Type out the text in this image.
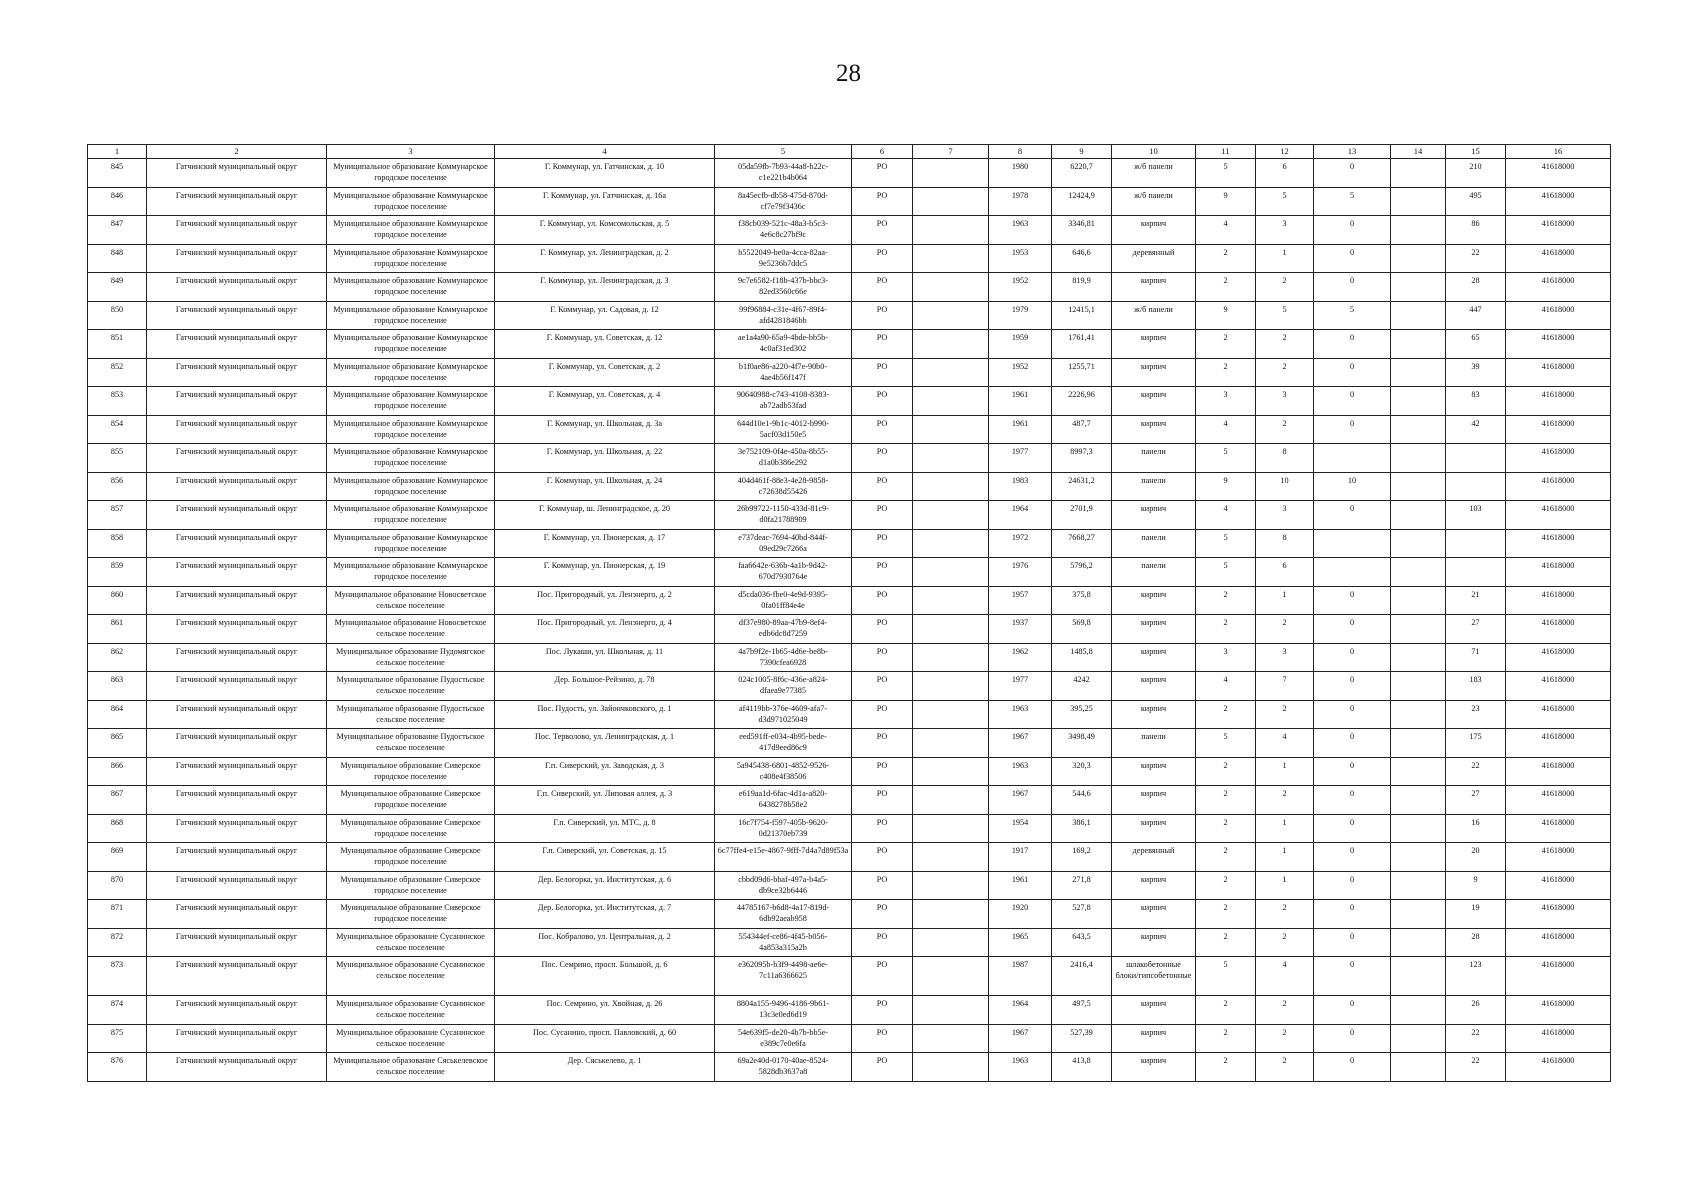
28
1	2	3	4	5	6	7	8	9	10	11	12	13	14	15	16
845	Гатчинский муниципальный округ	Муниципальное образование Коммунарское городское поселение	Г. Коммунар, ул. Гатчинская, д. 10	05da59fb-7b93-44a8-b22c-c1e221b4b064	РО		1980	6220,7	ж/б панели	5	6	0		210	41618000
846	Гатчинский муниципальный округ	Муниципальное образование Коммунарское городское поселение	Г. Коммунар, ул. Гатчинская, д. 16а	8a45ecfb-db58-475d-870d-cf7e79f3436c	РО		1978	12424,9	ж/б панели	9	5	5		495	41618000
847	Гатчинский муниципальный округ	Муниципальное образование Коммунарское городское поселение	Г. Коммунар, ул. Комсомольская, д. 5	f38cb039-521c-48a3-b5c3-4e6c8c27bf9c	РО		1963	3346,81	кирпич	4	3	0		86	41618000
848	Гатчинский муниципальный округ	Муниципальное образование Коммунарское городское поселение	Г. Коммунар, ул. Ленинградская, д. 2	b5522049-be0a-4cca-82aa-9e5236b7ddc5	РО		1953	646,6	деревянный	2	1	0		22	41618000
849	Гатчинский муниципальный округ	Муниципальное образование Коммунарское городское поселение	Г. Коммунар, ул. Ленинградская, д. 3	9c7e6582-f18b-437b-bbc3-82ed3560c66e	РО		1952	819,9	кирпич	2	2	0		28	41618000
850	Гатчинский муниципальный округ	Муниципальное образование Коммунарское городское поселение	Г. Коммунар, ул. Садовая, д. 12	99f96884-c31e-4f67-89f4-afd4281846bb	РО		1979	12415,1	ж/б панели	9	5	5		447	41618000
851	Гатчинский муниципальный округ	Муниципальное образование Коммунарское городское поселение	Г. Коммунар, ул. Советская, д. 12	ae1a4a90-65a9-4bde-bb5b-4c0af31ed302	РО		1959	1761,41	кирпич	2	2	0		65	41618000
852	Гатчинский муниципальный округ	Муниципальное образование Коммунарское городское поселение	Г. Коммунар, ул. Советская, д. 2	b1f0ae86-a220-4f7e-90b0-4ae4b56f147f	РО		1952	1255,71	кирпич	2	2	0		39	41618000
853	Гатчинский муниципальный округ	Муниципальное образование Коммунарское городское поселение	Г. Коммунар, ул. Советская, д. 4	90640988-c743-4108-8383-ab72adb53fad	РО		1961	2226,96	кирпич	3	3	0		83	41618000
854	Гатчинский муниципальный округ	Муниципальное образование Коммунарское городское поселение	Г. Коммунар, ул. Школьная, д. 3а	644d10e1-9b1c-4012-b990-5acf03d150e5	РО		1961	487,7	кирпич	4	2	0		42	41618000
855	Гатчинский муниципальный округ	Муниципальное образование Коммунарское городское поселение	Г. Коммунар, ул. Школьная, д. 22	3e752109-0f4e-450a-8b55-d1a0b386e292	РО		1977	8997,3	панели	5	8				41618000
856	Гатчинский муниципальный округ	Муниципальное образование Коммунарское городское поселение	Г. Коммунар, ул. Школьная, д. 24	404d461f-88e3-4e28-9858-c72638d55426	РО		1983	24631,2	панели	9	10	10			41618000
857	Гатчинский муниципальный округ	Муниципальное образование Коммунарское городское поселение	Г. Коммунар, ш. Ленинградское, д. 20	26b99722-1150-433d-81c9-d0fa21788909	РО		1964	2701,9	кирпич	4	3	0		103	41618000
858	Гатчинский муниципальный округ	Муниципальное образование Коммунарское городское поселение	Г. Коммунар, ул. Пионерская, д. 17	e737deac-7694-40bd-844f-09ed29c7266a	РО		1972	7668,27	панели	5	8				41618000
859	Гатчинский муниципальный округ	Муниципальное образование Коммунарское городское поселение	Г. Коммунар, ул. Пионерская, д. 19	faa6642e-636b-4a1b-9d42-670d7930764e	РО		1976	5796,2	панели	5	6				41618000
860	Гатчинский муниципальный округ	Муниципальное образование Новосветское сельское поселение	Пос. Пригородный, ул. Ленэнерго, д. 2	d5cda036-fbe0-4e9d-9395-0fa01ff84e4e	РО		1957	375,8	кирпич	2	1	0		21	41618000
861	Гатчинский муниципальный округ	Муниципальное образование Новосветское сельское поселение	Пос. Пригородный, ул. Ленэнерго, д. 4	df37e980-89aa-47b9-8ef4-edb6dc8d7259	РО		1937	569,8	кирпич	2	2	0		27	41618000
862	Гатчинский муниципальный округ	Муниципальное образование Пудомягское сельское поселение	Пос. Лукаши, ул. Школьная, д. 11	4a7b9f2e-1b65-4d6e-be8b-7390cfea6928	РО		1962	1485,8	кирпич	3	3	0		71	41618000
863	Гатчинский муниципальный округ	Муниципальное образование Пудостьское сельское поселение	Дер. Большое-Рейзино, д. 78	024c1005-8f6c-436e-a824-dfaea9e77385	РО		1977	4242	кирпич	4	7	0		183	41618000
864	Гатчинский муниципальный округ	Муниципальное образование Пудостьское сельское поселение	Пос. Пудость, ул. Зайончковского, д. 1	af4119bb-376e-4609-afa7-d3d971025049	РО		1963	395,25	кирпич	2	2	0		23	41618000
865	Гатчинский муниципальный округ	Муниципальное образование Пудостьское сельское поселение	Пос. Терволово, ул. Ленинградская, д. 1	eed591ff-e034-4b95-bede-417d9eed86c9	РО		1967	3498,49	панели	5	4	0		175	41618000
866	Гатчинский муниципальный округ	Муниципальное образование Сиверское городское поселение	Г.п. Сиверский, ул. Заводская, д. 3	5a945438-6801-4852-9526-c408e4f38506	РО		1963	320,3	кирпич	2	1	0		22	41618000
867	Гатчинский муниципальный округ	Муниципальное образование Сиверское городское поселение	Г.п. Сиверский, ул. Липовая аллея, д. 3	e619aa1d-6fac-4d1a-a820-6438278b58e2	РО		1967	544,6	кирпич	2	2	0		27	41618000
868	Гатчинский муниципальный округ	Муниципальное образование Сиверское городское поселение	Г.п. Сиверский, ул. МТС, д. 8	16c7f754-f597-405b-9620-0d21370eb739	РО		1954	386,1	кирпич	2	1	0		16	41618000
869	Гатчинский муниципальный округ	Муниципальное образование Сиверское городское поселение	Г.п. Сиверский, ул. Советская, д. 15	6c77ffe4-e15e-4867-9fff-7d4a7d89f53a	РО		1917	169,2	деревянный	2	1	0		20	41618000
870	Гатчинский муниципальный округ	Муниципальное образование Сиверское городское поселение	Дер. Белогорка, ул. Институтская, д. 6	cbbd09d6-bbaf-497a-b4a5-db9ce32b6446	РО		1961	271,8	кирпич	2	1	0		9	41618000
871	Гатчинский муниципальный округ	Муниципальное образование Сиверское городское поселение	Дер. Белогорка, ул. Институтская, д. 7	44785167-b6d8-4a17-819d-6db92aeab958	РО		1920	527,8	кирпич	2	2	0		19	41618000
872	Гатчинский муниципальный округ	Муниципальное образование Сусанинское сельское поселение	Пос. Кобралово, ул. Центральная, д. 2	554344ef-ce86-4f45-b056-4a853a315a2b	РО		1965	643,5	кирпич	2	2	0		28	41618000
873	Гатчинский муниципальный округ	Муниципальное образование Сусанинское сельское поселение	Пос. Семрино, просп. Большой, д. 6	e362095b-b3f9-4498-ae6e-7c11a6366625	РО		1987	2416,4	шлакобетонные блоки/гипсобетонные	5	4	0		123	41618000
874	Гатчинский муниципальный округ	Муниципальное образование Сусанинское сельское поселение	Пос. Семрино, ул. Хвойная, д. 26	8804a155-9496-4186-9b61-13c3e0ed6d19	РО		1964	497,5	кирпич	2	2	0		26	41618000
875	Гатчинский муниципальный округ	Муниципальное образование Сусанинское сельское поселение	Пос. Сусанино, просп. Павловский, д. 60	54e639f5-de20-4b7b-bb5e-e389c7e0e6fa	РО		1967	527,39	кирпич	2	2	0		22	41618000
876	Гатчинский муниципальный округ	Муниципальное образование Сяськелевское сельское поселение	Дер. Сяськелево, д. 1	69a2e40d-0170-40ae-8524-5828db3637a8	РО		1963	413,8	кирпич	2	2	0		22	41618000
